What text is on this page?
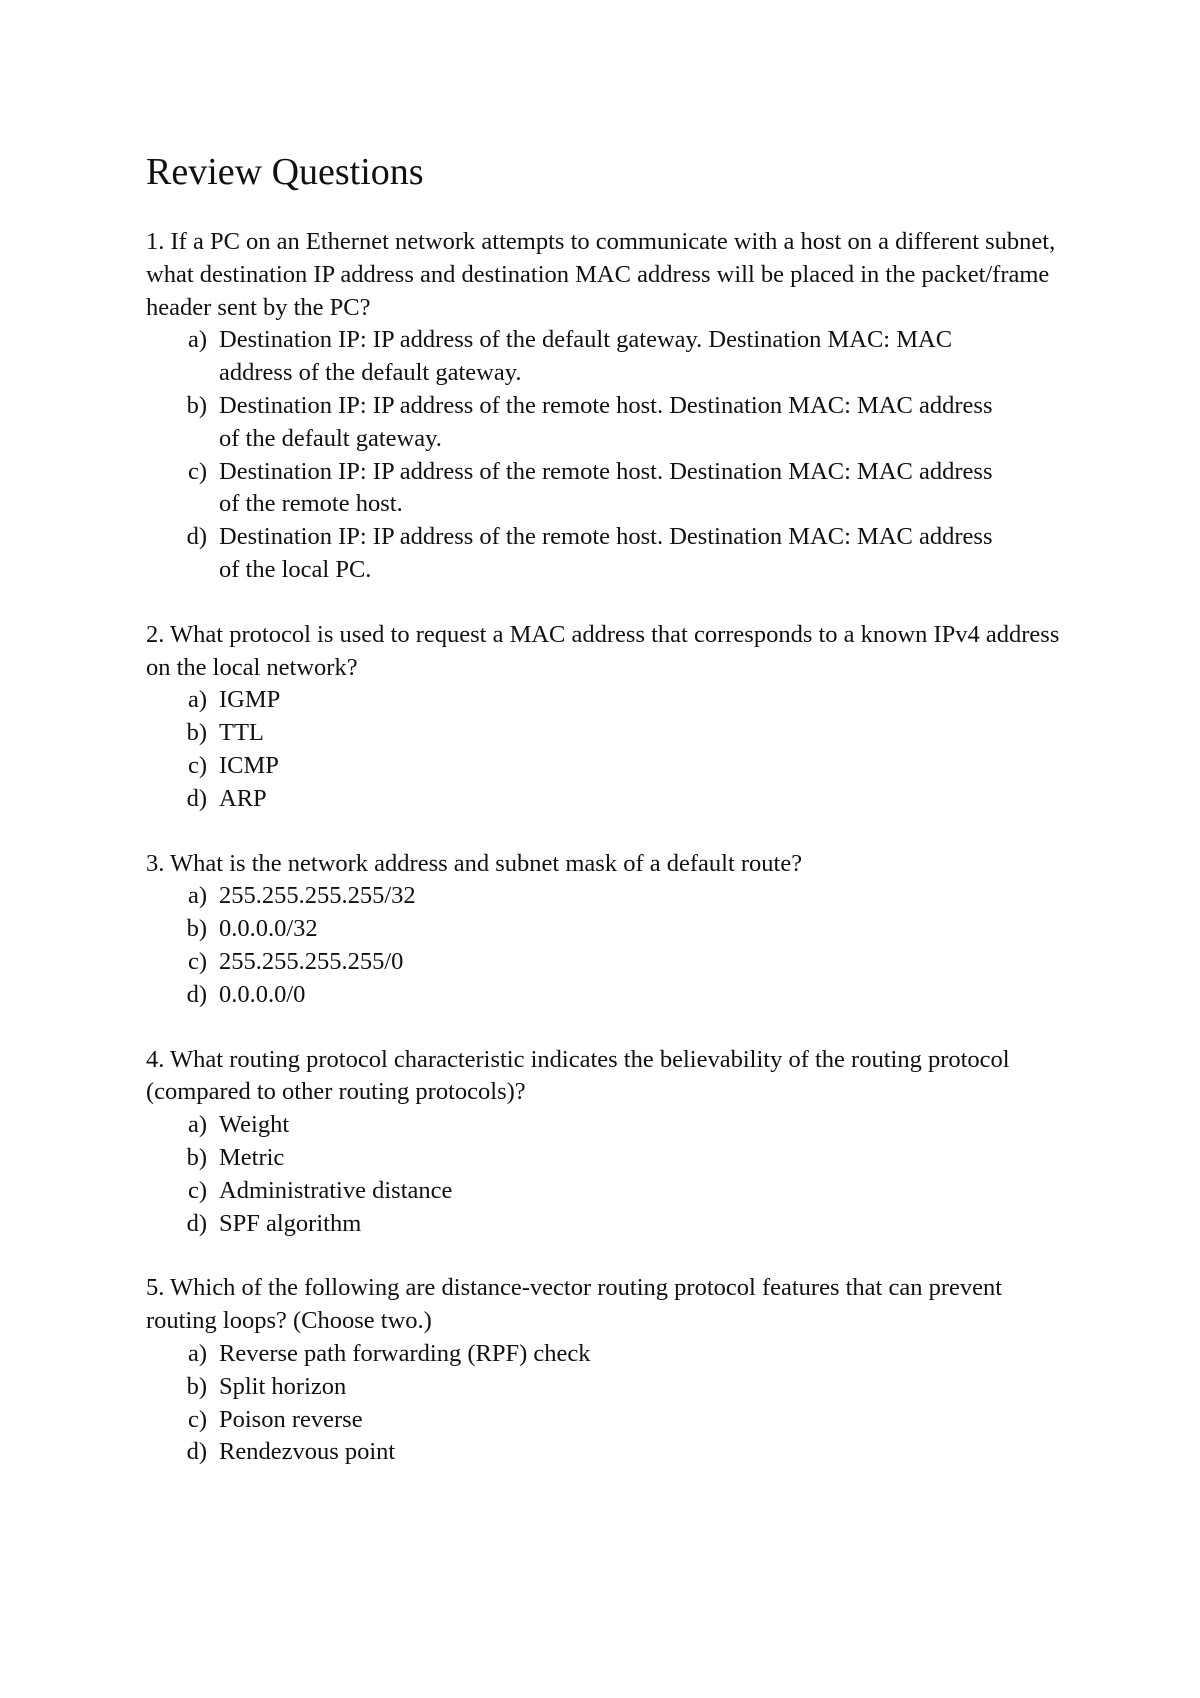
Review Questions

1. If a PC on an Ethernet network attempts to communicate with a host on a different subnet, what destination IP address and destination MAC address will be placed in the packet/frame header sent by the PC?

a) Destination IP: IP address of the default gateway. Destination MAC: MAC address of the default gateway.
b) Destination IP: IP address of the remote host. Destination MAC: MAC address of the default gateway.
c) Destination IP: IP address of the remote host. Destination MAC: MAC address of the remote host.
d) Destination IP: IP address of the remote host. Destination MAC: MAC address of the local PC.

2. What protocol is used to request a MAC address that corresponds to a known IPv4 address on the local network?

a) IGMP
b) TTL
c) ICMP
d) ARP

3. What is the network address and subnet mask of a default route?

a) 255.255.255.255/32
b) 0.0.0.0/32
c) 255.255.255.255/0
d) 0.0.0.0/0

4. What routing protocol characteristic indicates the believability of the routing protocol (compared to other routing protocols)?

a) Weight
b) Metric
c) Administrative distance
d) SPF algorithm

5. Which of the following are distance-vector routing protocol features that can prevent routing loops? (Choose two.)

a) Reverse path forwarding (RPF) check
b) Split horizon
c) Poison reverse
d) Rendezvous point
